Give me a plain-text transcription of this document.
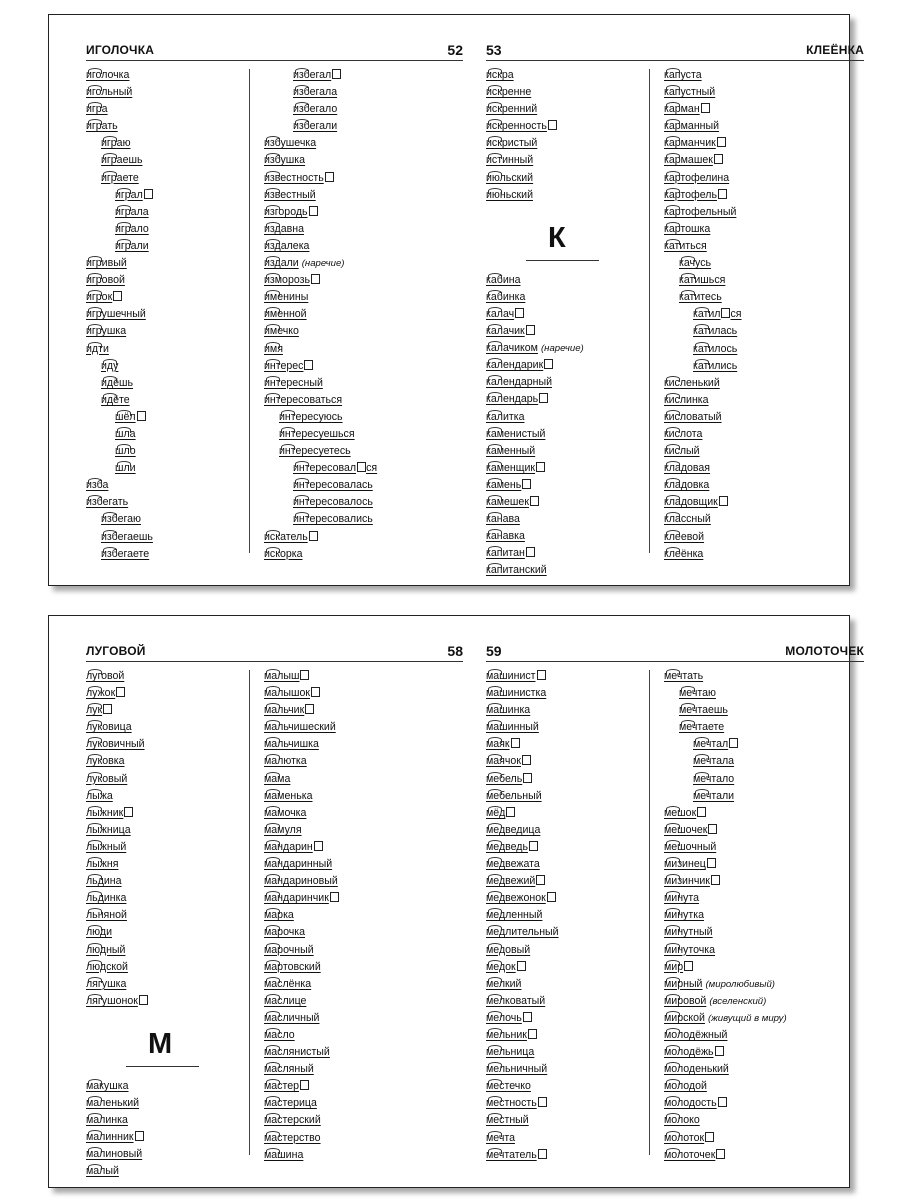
ИГОЛОЧКА	52
иголочка
игольный
игра
играть
играю
играешь
играете
играл
играла
играло
играли
игривый
игровой
игрок
игрушечный
игрушка
идти
иду
идёшь
идёте
шёл
шла
шло
шли
изба
избегать
избегаю
избегаешь
избегаете
избегал
избегала
избегало
избегали
избушечка
избушка
известность
известный
изгородь
издавна
издалека
издали (наречие)
изморозь
именины
именной
имечко
имя
интерес
интересный
интересоваться
интересуюсь
интересуешься
интересуетесь
интересовал ся
интересовалась
интересовалось
интересовались
искатель
искорка
53	КЛЕЁНКА
искра
искренне
искренний
искренность
искристый
истинный
июльский
июньский
К
кабина
кабинка
калач
калачик
калачиком (наречие)
календарик
календарный
календарь
калитка
каменистый
каменный
каменщик
камень
камешек
канава
канавка
капитан
капитанский
капуста
капустный
карман
карманный
карманчик
кармашек
картофелина
картофель
картофельный
картошка
катиться
качусь
катишься
катитесь
катил ся
катилась
катилось
катились
кисленький
кислинка
кисловатый
кислота
кислый
кладовая
кладовка
кладовщик
классный
клеевой
клеёнка
ЛУГОВОЙ	58
луговой
лужок
лук
луковица
луковичный
луковка
луковый
лыжа
лыжник
лыжница
лыжный
лыжня
льдина
льдинка
льняной
люди
людный
людской
лягушка
лягушонок
М
макушка
маленький
малинка
малинник
малиновый
малый
малыш
малышок
мальчик
мальчишеский
мальчишка
малютка
мама
маменька
мамочка
мамуля
мандарин
мандаринный
мандариновый
мандаринчик
марка
марочка
марочный
мартовский
маслёнка
маслице
масличный
масло
маслянистый
масляный
мастер
мастерица
мастерский
мастерство
машина
59	МОЛОТОЧЕК
машинист
машинистка
машинка
машинный
маяк
маячок
мебель
мебельный
мёд
медведица
медведь
медвежата
медвежий
медвежонок
медленный
медлительный
медовый
медок
мелкий
мелковатый
мелочь
мельник
мельница
мельничный
местечко
местность
местный
мечта
мечтатель
мечтать
мечтаю
мечтаешь
мечтаете
мечтал
мечтала
мечтало
мечтали
мешок
мешочек
мешочный
мизинец
мизинчик
минута
минутка
минутный
минуточка
мир
мирный (миролюбивый)
мировой (вселенский)
мирской (живущий в миру)
молодёжный
молодёжь
молоденький
молодой
молодость
молоко
молоток
молоточек
